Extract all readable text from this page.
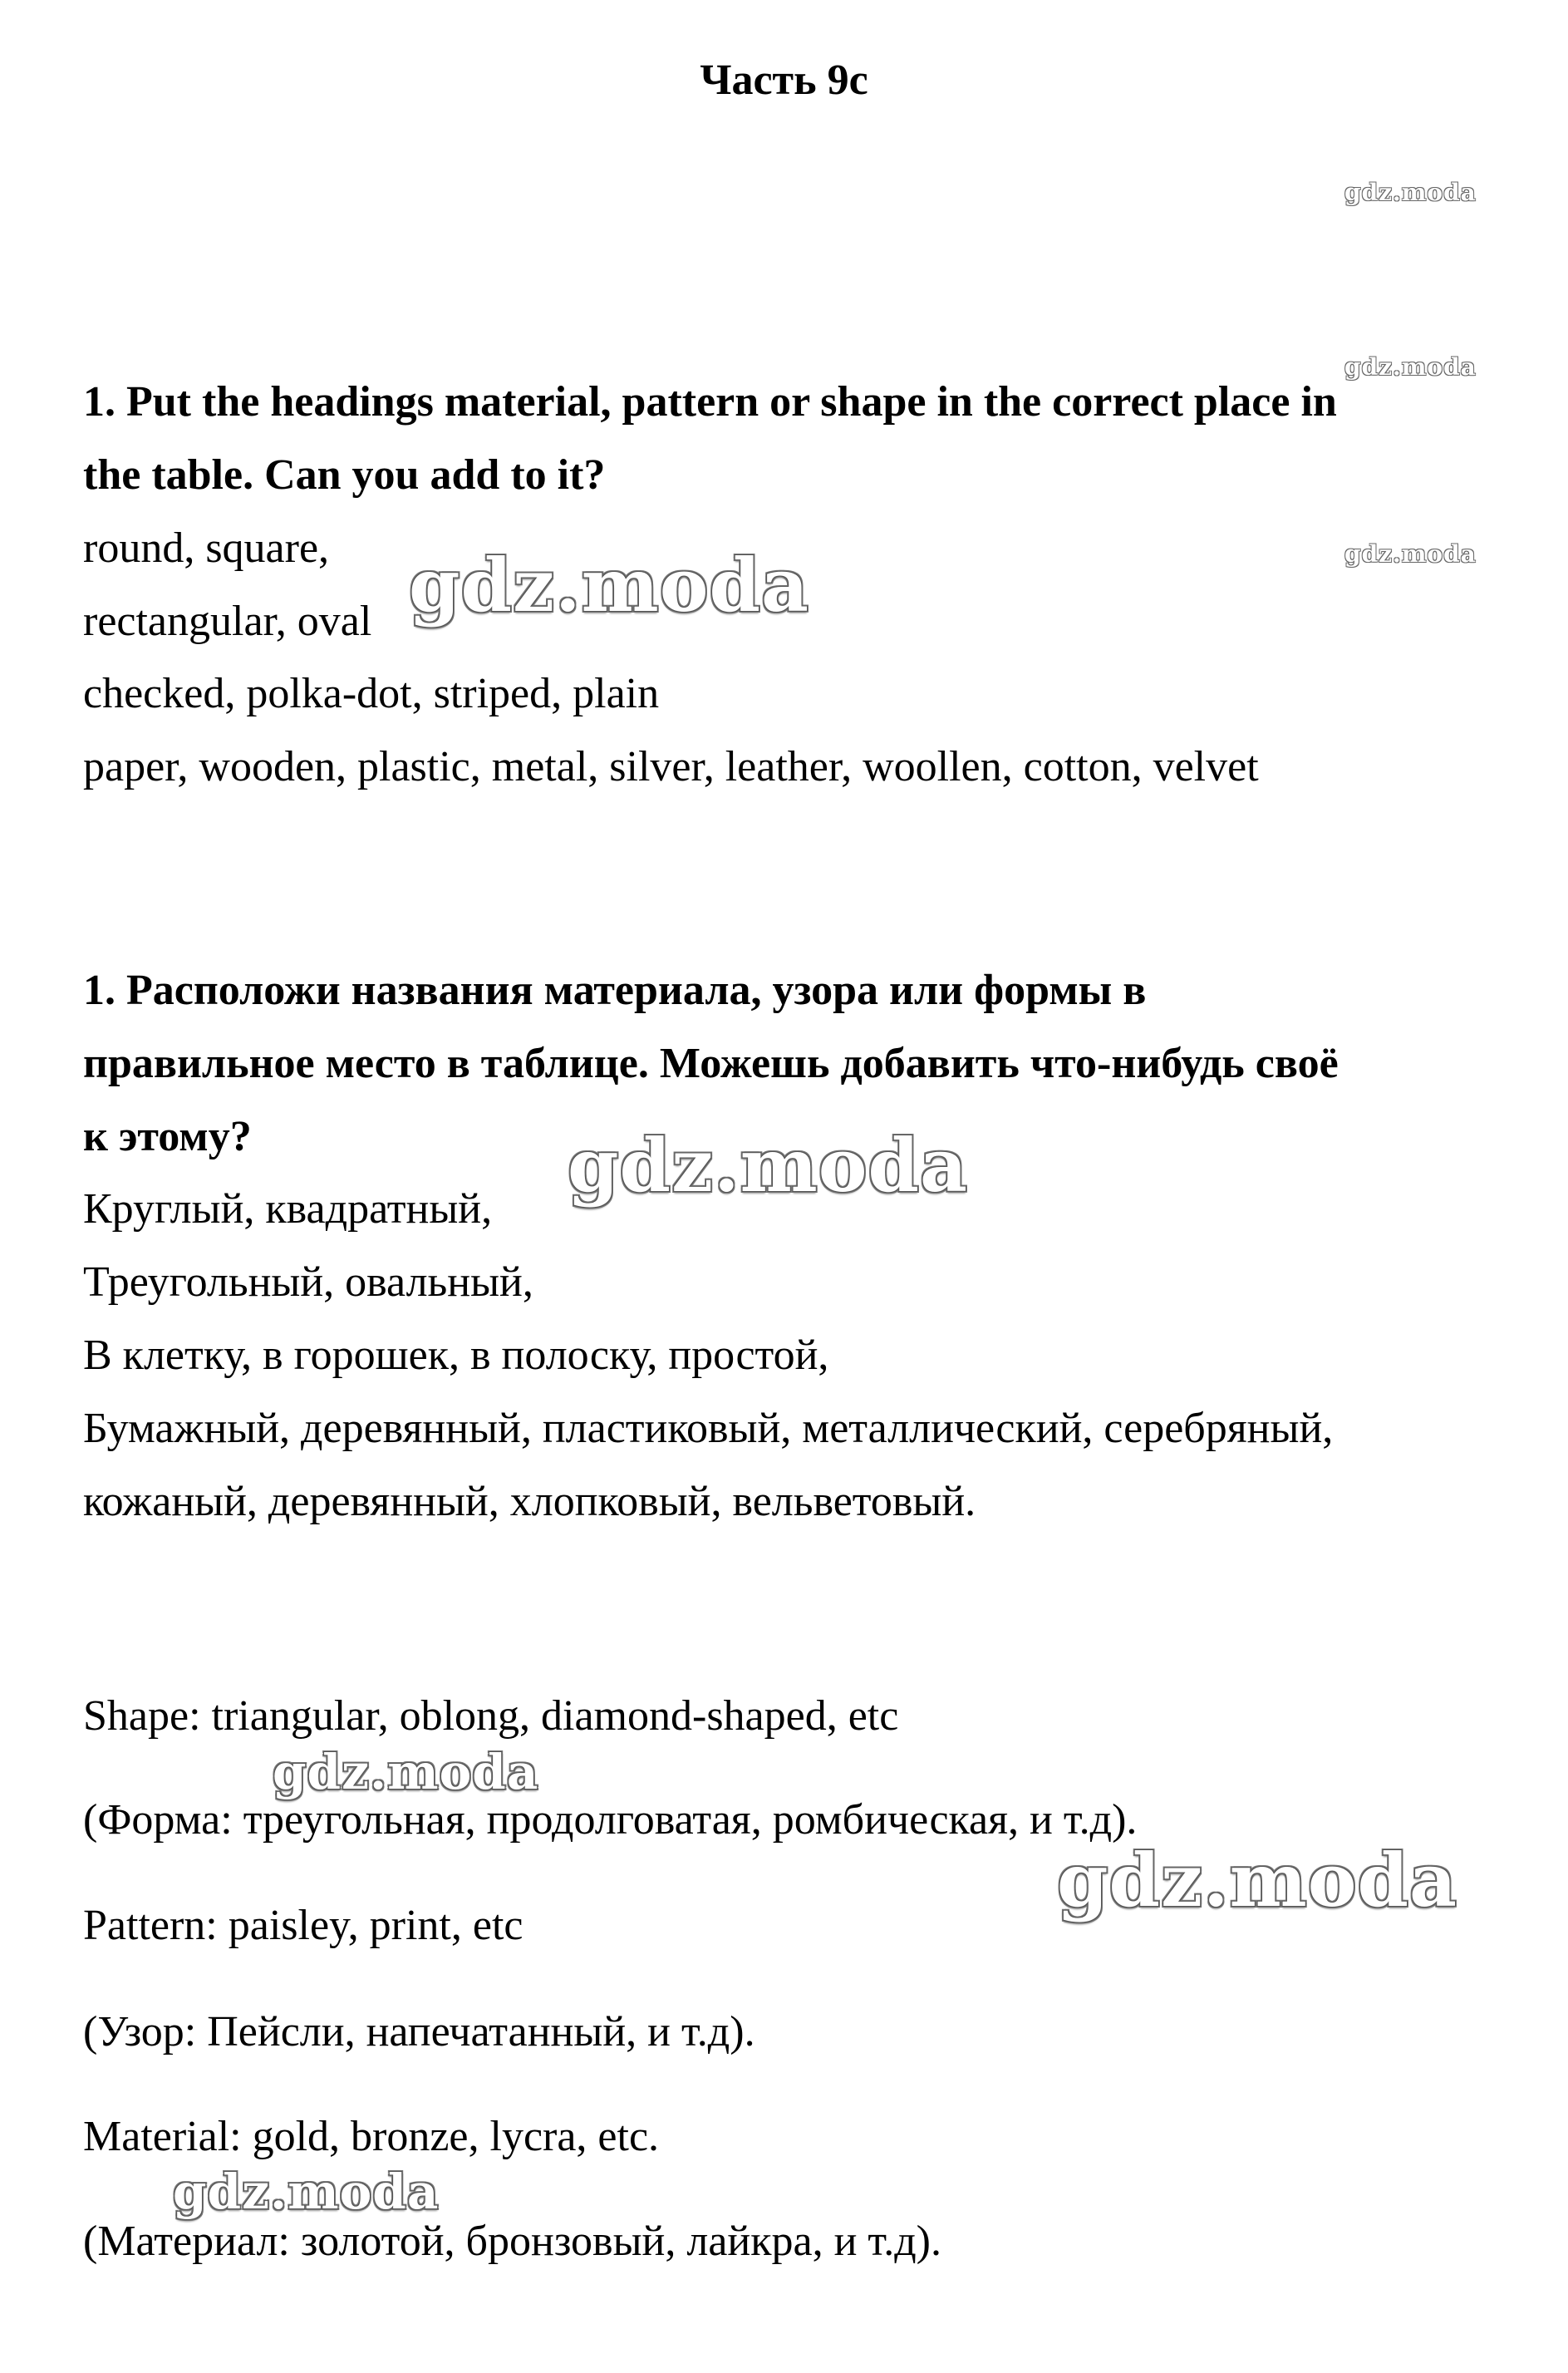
Часть 9с
1. Put the headings material, pattern or shape in the correct place in
the table. Can you add to it?
round, square,
rectangular, oval
checked, polka-dot, striped, plain
paper, wooden, plastic, metal, silver, leather, woollen, cotton, velvet
1. Расположи названия материала, узора или формы в
правильное место в таблице. Можешь добавить что-нибудь своё
к этому?
Круглый, квадратный,
Треугольный, овальный,
В клетку, в горошек, в полоску, простой,
Бумажный, деревянный, пластиковый, металлический, серебряный,
кожаный, деревянный, хлопковый, вельветовый.
Shape: triangular, oblong, diamond-shaped, etc
(Форма: треугольная, продолговатая, ромбическая, и т.д).
Pattern: paisley, print, etc
(Узор: Пейсли, напечатанный, и т.д).
Material: gold, bronze, lycra, etc.
(Материал: золотой, бронзовый, лайкра, и т.д).
gdz.moda
gdz.moda
gdz.moda
gdz.moda
gdz.moda
gdz.moda
gdz.moda
gdz.moda
